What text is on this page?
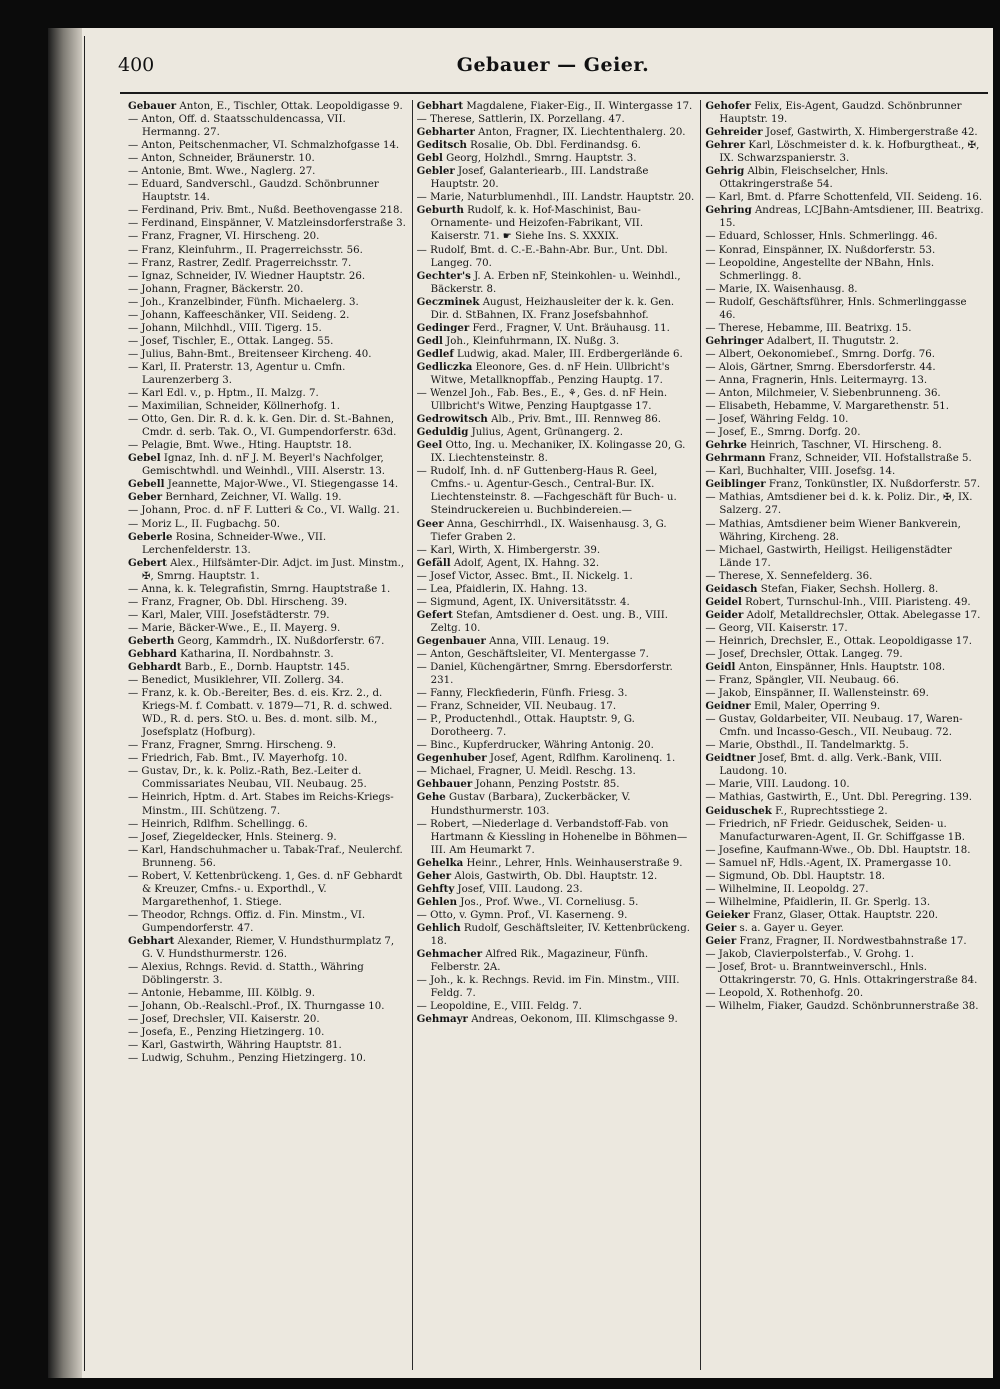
400	Gebauer — Geier.

Gebauer Anton, E., Tischler, Ottak. Leopoldigasse 9.

— Anton, Off. d. Staatsschuldencassa, VII. Hermanng. 27.

— Anton, Peitschenmacher, VI. Schmalzhofgasse 14.

— Anton, Schneider, Bräunerstr. 10.

— Antonie, Bmt. Wwe., Naglerg. 27.

— Eduard, Sandverschl., Gaudzd. Schönbrunner Hauptstr. 14.

— Ferdinand, Priv. Bmt., Nußd. Beethovengasse 218.

— Ferdinand, Einspänner, V. Matzleinsdorferstraße 3.

— Franz, Fragner, VI. Hirscheng. 20.

— Franz, Kleinfuhrm., II. Pragerreichsstr. 56.

— Franz, Rastrer, Zedlf. Pragerreichsstr. 7.

— Ignaz, Schneider, IV. Wiedner Hauptstr. 26.

— Johann, Fragner, Bäckerstr. 20.

— Joh., Kranzelbinder, Fünfh. Michaelerg. 3.

— Johann, Kaffeeschänker, VII. Seideng. 2.

— Johann, Milchhdl., VIII. Tigerg. 15.

— Josef, Tischler, E., Ottak. Langeg. 55.

— Julius, Bahn-Bmt., Breitenseer Kircheng. 40.

— Karl, II. Praterstr. 13, Agentur u. Cmfn. Laurenzerberg 3.

— Karl Edl. v., p. Hptm., II. Malzg. 7.

— Maximilian, Schneider, Köllnerhofg. 1.

— Otto, Gen. Dir. R. d. k. k. Gen. Dir. d. St.-Bahnen, Cmdr. d. serb. Tak. O., VI. Gumpendorferstr. 63d.

— Pelagie, Bmt. Wwe., Hting. Hauptstr. 18.

Gebel Ignaz, Inh. d. nF J. M. Beyerl's Nachfolger, Gemischtwhdl. und Weinhdl., VIII. Alserstr. 13.

Gebell Jeannette, Major-Wwe., VI. Stiegengasse 14.

Geber Bernhard, Zeichner, VI. Wallg. 19.

— Johann, Proc. d. nF F. Lutteri & Co., VI. Wallg. 21.

— Moriz L., II. Fugbachg. 50.

Geberle Rosina, Schneider-Wwe., VII. Lerchenfelderstr. 13.

Gebert Alex., Hilfsämter-Dir. Adjct. im Just. Minstm., ✠, Smrng. Hauptstr. 1.

— Anna, k. k. Telegrafistin, Smrng. Hauptstraße 1.

— Franz, Fragner, Ob. Dbl. Hirscheng. 39.

— Karl, Maler, VIII. Josefstädterstr. 79.

— Marie, Bäcker-Wwe., E., II. Mayerg. 9.

Geberth Georg, Kammdrh., IX. Nußdorferstr. 67.

Gebhard Katharina, II. Nordbahnstr. 3.

Gebhardt Barb., E., Dornb. Hauptstr. 145.

— Benedict, Musiklehrer, VII. Zollerg. 34.

— Franz, k. k. Ob.-Bereiter, Bes. d. eis. Krz. 2., d. Kriegs-M. f. Combatt. v. 1879—71, R. d. schwed. WD., R. d. pers. StO. u. Bes. d. mont. silb. M., Josefsplatz (Hofburg).

— Franz, Fragner, Smrng. Hirscheng. 9.

— Friedrich, Fab. Bmt., IV. Mayerhofg. 10.

— Gustav, Dr., k. k. Poliz.-Rath, Bez.-Leiter d. Commissariates Neubau, VII. Neubaug. 25.

— Heinrich, Hptm. d. Art. Stabes im Reichs-Kriegs-Minstm., III. Schützeng. 7.

— Heinrich, Rdlfhm. Schellingg. 6.

— Josef, Ziegeldecker, Hnls. Steinerg. 9.

— Karl, Handschuhmacher u. Tabak-Traf., Neulerchf. Brunneng. 56.

— Robert, V. Kettenbrückeng. 1, Ges. d. nF Gebhardt & Kreuzer, Cmfns.- u. Exporthdl., V. Margarethenhof, 1. Stiege.

— Theodor, Rchngs. Offiz. d. Fin. Minstm., VI. Gumpendorferstr. 47.

Gebhart Alexander, Riemer, V. Hundsthurmplatz 7, G. V. Hundsthurmerstr. 126.

— Alexius, Rchngs. Revid. d. Statth., Währing Döblingerstr. 3.

— Antonie, Hebamme, III. Kölblg. 9.

— Johann, Ob.-Realschl.-Prof., IX. Thurngasse 10.

— Josef, Drechsler, VII. Kaiserstr. 20.

— Josefa, E., Penzing Hietzingerg. 10.

— Karl, Gastwirth, Währing Hauptstr. 81.

— Ludwig, Schuhm., Penzing Hietzingerg. 10.

Gebhart Magdalene, Fiaker-Eig., II. Wintergasse 17.

— Therese, Sattlerin, IX. Porzellang. 47.

Gebharter Anton, Fragner, IX. Liechtenthalerg. 20.

Geditsch Rosalie, Ob. Dbl. Ferdinandsg. 6.

Gebl Georg, Holzhdl., Smrng. Hauptstr. 3.

Gebler Josef, Galanteriearb., III. Landstraße Hauptstr. 20.

— Marie, Naturblumenhdl., III. Landstr. Hauptstr. 20.

Geburth Rudolf, k. k. Hof-Maschinist, Bau-Ornamente- und Heizofen-Fabrikant, VII. Kaiserstr. 71. ☛ Siehe Ins. S. XXXIX.

— Rudolf, Bmt. d. C.-E.-Bahn-Abr. Bur., Unt. Dbl. Langeg. 70.

Gechter's J. A. Erben nF, Steinkohlen- u. Weinhdl., Bäckerstr. 8.

Geczminek August, Heizhausleiter der k. k. Gen. Dir. d. StBahnen, IX. Franz Josefsbahnhof.

Gedinger Ferd., Fragner, V. Unt. Bräuhausg. 11.

Gedl Joh., Kleinfuhrmann, IX. Nußg. 3.

Gedlef Ludwig, akad. Maler, III. Erdbergerlände 6.

Gedliczka Eleonore, Ges. d. nF Hein. Ullbricht's Witwe, Metallknopffab., Penzing Hauptg. 17.

— Wenzel Joh., Fab. Bes., E., ⚘, Ges. d. nF Hein. Ullbricht's Witwe, Penzing Hauptgasse 17.

Gedrowitsch Alb., Priv. Bmt., III. Rennweg 86.

Geduldig Julius, Agent, Grünangerg. 2.

Geel Otto, Ing. u. Mechaniker, IX. Kolingasse 20, G. IX. Liechtensteinstr. 8.

— Rudolf, Inh. d. nF Guttenberg-Haus R. Geel, Cmfns.- u. Agentur-Gesch., Central-Bur. IX. Liechtensteinstr. 8. —Fachgeschäft für Buch- u. Steindruckereien u. Buchbindereien.—

Geer Anna, Geschirrhdl., IX. Waisenhausg. 3, G. Tiefer Graben 2.

— Karl, Wirth, X. Himbergerstr. 39.

Gefäll Adolf, Agent, IX. Hahng. 32.

— Josef Victor, Assec. Bmt., II. Nickelg. 1.

— Lea, Pfaidlerin, IX. Hahng. 13.

— Sigmund, Agent, IX. Universitätsstr. 4.

Gefert Stefan, Amtsdiener d. Oest. ung. B., VIII. Zeltg. 10.

Gegenbauer Anna, VIII. Lenaug. 19.

— Anton, Geschäftsleiter, VI. Mentergasse 7.

— Daniel, Küchengärtner, Smrng. Ebersdorferstr. 231.

— Fanny, Fleckfiederin, Fünfh. Friesg. 3.

— Franz, Schneider, VII. Neubaug. 17.

— P., Productenhdl., Ottak. Hauptstr. 9, G. Dorotheerg. 7.

— Binc., Kupferdrucker, Währing Antonig. 20.

Gegenhuber Josef, Agent, Rdlfhm. Karolinenq. 1.

— Michael, Fragner, U. Meidl. Reschg. 13.

Gehbauer Johann, Penzing Poststr. 85.

Gehe Gustav (Barbara), Zuckerbäcker, V. Hundsthurmerstr. 103.

— Robert, —Niederlage d. Verbandstoff-Fab. von Hartmann & Kiessling in Hohenelbe in Böhmen— III. Am Heumarkt 7.

Gehelka Heinr., Lehrer, Hnls. Weinhauserstraße 9.

Geher Alois, Gastwirth, Ob. Dbl. Hauptstr. 12.

Gehfty Josef, VIII. Laudong. 23.

Gehlen Jos., Prof. Wwe., VI. Corneliusg. 5.

— Otto, v. Gymn. Prof., VI. Kaserneng. 9.

Gehlich Rudolf, Geschäftsleiter, IV. Kettenbrückeng. 18.

Gehmacher Alfred Rik., Magazineur, Fünfh. Felberstr. 2A.

— Joh., k. k. Rechngs. Revid. im Fin. Minstm., VIII. Feldg. 7.

— Leopoldine, E., VIII. Feldg. 7.

Gehmayr Andreas, Oekonom, III. Klimschgasse 9.

Gehofer Felix, Eis-Agent, Gaudzd. Schönbrunner Hauptstr. 19.

Gehreider Josef, Gastwirth, X. Himbergerstraße 42.

Gehrer Karl, Löschmeister d. k. k. Hofburgtheat., ✠, IX. Schwarzspanierstr. 3.

Gehrig Albin, Fleischselcher, Hnls. Ottakringerstraße 54.

— Karl, Bmt. d. Pfarre Schottenfeld, VII. Seideng. 16.

Gehring Andreas, LCJBahn-Amtsdiener, III. Beatrixg. 15.

— Eduard, Schlosser, Hnls. Schmerlingg. 46.

— Konrad, Einspänner, IX. Nußdorferstr. 53.

— Leopoldine, Angestellte der NBahn, Hnls. Schmerlingg. 8.

— Marie, IX. Waisenhausg. 8.

— Rudolf, Geschäftsführer, Hnls. Schmerlinggasse 46.

— Therese, Hebamme, III. Beatrixg. 15.

Gehringer Adalbert, II. Thugutstr. 2.

— Albert, Oekonomiebeſ., Smrng. Dorfg. 76.

— Alois, Gärtner, Smrng. Ebersdorferstr. 44.

— Anna, Fragnerin, Hnls. Leitermayrg. 13.

— Anton, Milchmeier, V. Siebenbrunneng. 36.

— Elisabeth, Hebamme, V. Margarethenstr. 51.

— Josef, Währing Feldg. 10.

— Josef, E., Smrng. Dorfg. 20.

Gehrke Heinrich, Taschner, VI. Hirscheng. 8.

Gehrmann Franz, Schneider, VII. Hofstallstraße 5.

— Karl, Buchhalter, VIII. Josefsg. 14.

Geiblinger Franz, Tonkünstler, IX. Nußdorferstr. 57.

— Mathias, Amtsdiener bei d. k. k. Poliz. Dir., ✠, IX. Salzerg. 27.

— Mathias, Amtsdiener beim Wiener Bankverein, Währing, Kircheng. 28.

— Michael, Gastwirth, Heiligst. Heiligenstädter Lände 17.

— Therese, X. Sennefelderg. 36.

Geidasch Stefan, Fiaker, Sechsh. Hollerg. 8.

Geidel Robert, Turnschul-Inh., VIII. Piaristeng. 49.

Geider Adolf, Metalldrechsler, Ottak. Abelegasse 17.

— Georg, VII. Kaiserstr. 17.

— Heinrich, Drechsler, E., Ottak. Leopoldigasse 17.

— Josef, Drechsler, Ottak. Langeg. 79.

Geidl Anton, Einspänner, Hnls. Hauptstr. 108.

— Franz, Spängler, VII. Neubaug. 66.

— Jakob, Einspänner, II. Wallensteinstr. 69.

Geidner Emil, Maler, Operring 9.

— Gustav, Goldarbeiter, VII. Neubaug. 17, Waren-Cmfn. und Incasso-Gesch., VII. Neubaug. 72.

— Marie, Obsthdl., II. Tandelmarktg. 5.

Geidtner Josef, Bmt. d. allg. Verk.-Bank, VIII. Laudong. 10.

— Marie, VIII. Laudong. 10.

— Mathias, Gastwirth, E., Unt. Dbl. Peregring. 139.

Geiduschek F., Ruprechtsstiege 2.

— Friedrich, nF Friedr. Geiduschek, Seiden- u. Manufacturwaren-Agent, II. Gr. Schiffgasse 1B.

— Josefine, Kaufmann-Wwe., Ob. Dbl. Hauptstr. 18.

— Samuel nF, Hdls.-Agent, IX. Pramergasse 10.

— Sigmund, Ob. Dbl. Hauptstr. 18.

— Wilhelmine, II. Leopoldg. 27.

— Wilhelmine, Pfaidlerin, II. Gr. Sperlg. 13.

Geieker Franz, Glaser, Ottak. Hauptstr. 220.

Geier s. a. Gayer u. Geyer.

Geier Franz, Fragner, II. Nordwestbahnstraße 17.

— Jakob, Clavierpolsterfab., V. Grohg. 1.

— Josef, Brot- u. Branntweinverschl., Hnls. Ottakringerstr. 70, G. Hnls. Ottakringerstraße 84.

— Leopold, X. Rothenhofg. 20.

— Wilhelm, Fiaker, Gaudzd. Schönbrunnerstraße 38.
